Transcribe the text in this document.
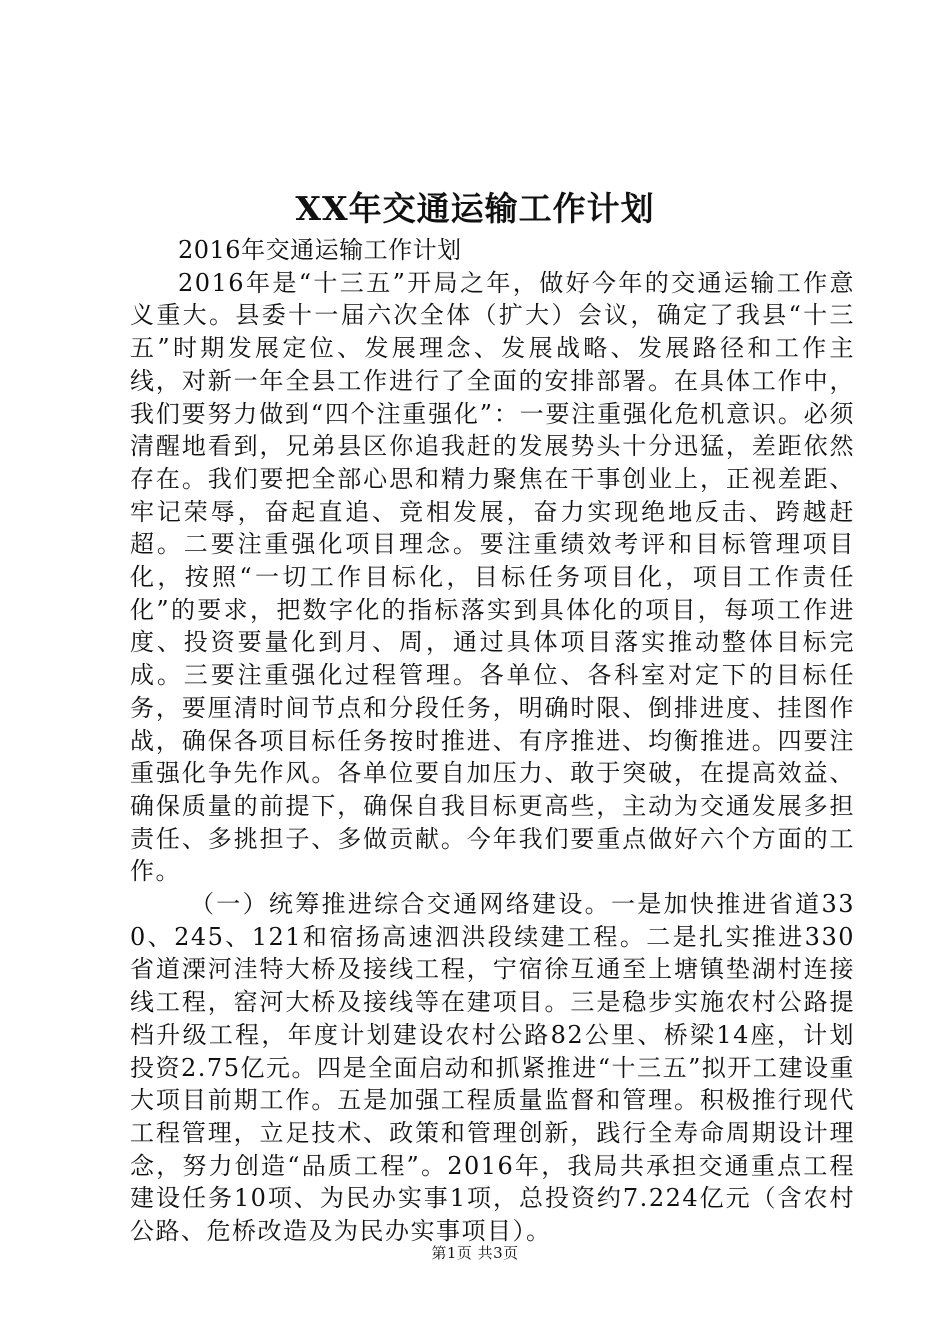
XX年交通运输工作计划

2016年交通运输工作计划

2016年是“十三五”开局之年，做好今年的交通运输工作意义重大。县委十一届六次全体（扩大）会议，确定了我县“十三五”时期发展定位、发展理念、发展战略、发展路径和工作主线，对新一年全县工作进行了全面的安排部署。在具体工作中，我们要努力做到“四个注重强化”：一要注重强化危机意识。必须清醒地看到，兄弟县区你追我赶的发展势头十分迅猛，差距依然存在。我们要把全部心思和精力聚焦在干事创业上，正视差距、牢记荣辱，奋起直追、竞相发展，奋力实现绝地反击、跨越赶超。二要注重强化项目理念。要注重绩效考评和目标管理项目化，按照“一切工作目标化，目标任务项目化，项目工作责任化”的要求，把数字化的指标落实到具体化的项目，每项工作进度、投资要量化到月、周，通过具体项目落实推动整体目标完成。三要注重强化过程管理。各单位、各科室对定下的目标任务，要厘清时间节点和分段任务，明确时限、倒排进度、挂图作战，确保各项目标任务按时推进、有序推进、均衡推进。四要注重强化争先作风。各单位要自加压力、敢于突破，在提高效益、确保质量的前提下，确保自我目标更高些，主动为交通发展多担责任、多挑担子、多做贡献。今年我们要重点做好六个方面的工作。

（一）统筹推进综合交通网络建设。一是加快推进省道330、245、121和宿扬高速泗洪段续建工程。二是扎实推进330省道溧河洼特大桥及接线工程，宁宿徐互通至上塘镇垫湖村连接线工程，窑河大桥及接线等在建项目。三是稳步实施农村公路提档升级工程，年度计划建设农村公路82公里、桥梁14座，计划投资2.75亿元。四是全面启动和抓紧推进“十三五”拟开工建设重大项目前期工作。五是加强工程质量监督和管理。积极推行现代工程管理，立足技术、政策和管理创新，践行全寿命周期设计理念，努力创造“品质工程”。2016年，我局共承担交通重点工程建设任务10项、为民办实事1项，总投资约7.224亿元（含农村公路、危桥改造及为民办实事项目）。

第1页 共3页
